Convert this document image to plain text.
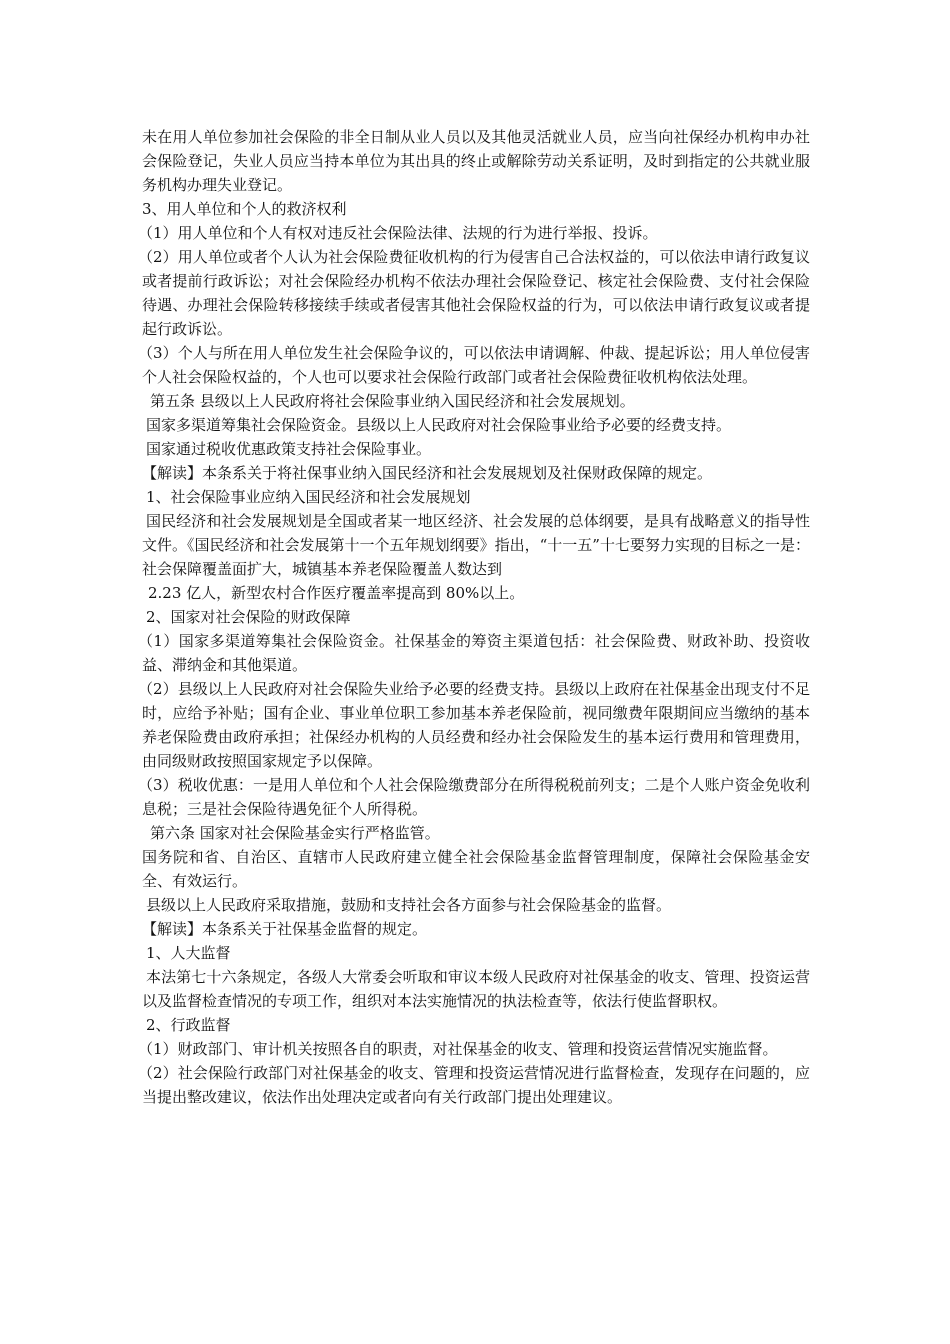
未在用人单位参加社会保险的非全日制从业人员以及其他灵活就业人员，应当向社保经办机构申办社会保险登记，失业人员应当持本单位为其出具的终止或解除劳动关系证明，及时到指定的公共就业服务机构办理失业登记。

3、用人单位和个人的救济权利

（1）用人单位和个人有权对违反社会保险法律、法规的行为进行举报、投诉。

（2）用人单位或者个人认为社会保险费征收机构的行为侵害自己合法权益的，可以依法申请行政复议或者提前行政诉讼；对社会保险经办机构不依法办理社会保险登记、核定社会保险费、支付社会保险待遇、办理社会保险转移接续手续或者侵害其他社会保险权益的行为，可以依法申请行政复议或者提起行政诉讼。

（3）个人与所在用人单位发生社会保险争议的，可以依法申请调解、仲裁、提起诉讼；用人单位侵害个人社会保险权益的，个人也可以要求社会保险行政部门或者社会保险费征收机构依法处理。

第五条 县级以上人民政府将社会保险事业纳入国民经济和社会发展规划。

国家多渠道筹集社会保险资金。县级以上人民政府对社会保险事业给予必要的经费支持。

国家通过税收优惠政策支持社会保险事业。

【解读】本条系关于将社保事业纳入国民经济和社会发展规划及社保财政保障的规定。

1、社会保险事业应纳入国民经济和社会发展规划

国民经济和社会发展规划是全国或者某一地区经济、社会发展的总体纲要，是具有战略意义的指导性文件。《国民经济和社会发展第十一个五年规划纲要》指出，“十一五”十七要努力实现的目标之一是：社会保障覆盖面扩大，城镇基本养老保险覆盖人数达到

2.23 亿人，新型农村合作医疗覆盖率提高到 80%以上。

2、国家对社会保险的财政保障

（1）国家多渠道筹集社会保险资金。社保基金的筹资主渠道包括：社会保险费、财政补助、投资收益、滞纳金和其他渠道。

（2）县级以上人民政府对社会保险失业给予必要的经费支持。县级以上政府在社保基金出现支付不足时，应给予补贴；国有企业、事业单位职工参加基本养老保险前，视同缴费年限期间应当缴纳的基本养老保险费由政府承担；社保经办机构的人员经费和经办社会保险发生的基本运行费用和管理费用，由同级财政按照国家规定予以保障。

（3）税收优惠：一是用人单位和个人社会保险缴费部分在所得税税前列支；二是个人账户资金免收利息税；三是社会保险待遇免征个人所得税。

第六条 国家对社会保险基金实行严格监管。

国务院和省、自治区、直辖市人民政府建立健全社会保险基金监督管理制度，保障社会保险基金安全、有效运行。

县级以上人民政府采取措施，鼓励和支持社会各方面参与社会保险基金的监督。

【解读】本条系关于社保基金监督的规定。

1、人大监督

本法第七十六条规定，各级人大常委会听取和审议本级人民政府对社保基金的收支、管理、投资运营以及监督检查情况的专项工作，组织对本法实施情况的执法检查等，依法行使监督职权。

2、行政监督

（1）财政部门、审计机关按照各自的职责，对社保基金的收支、管理和投资运营情况实施监督。

（2）社会保险行政部门对社保基金的收支、管理和投资运营情况进行监督检查，发现存在问题的，应当提出整改建议，依法作出处理决定或者向有关行政部门提出处理建议。
